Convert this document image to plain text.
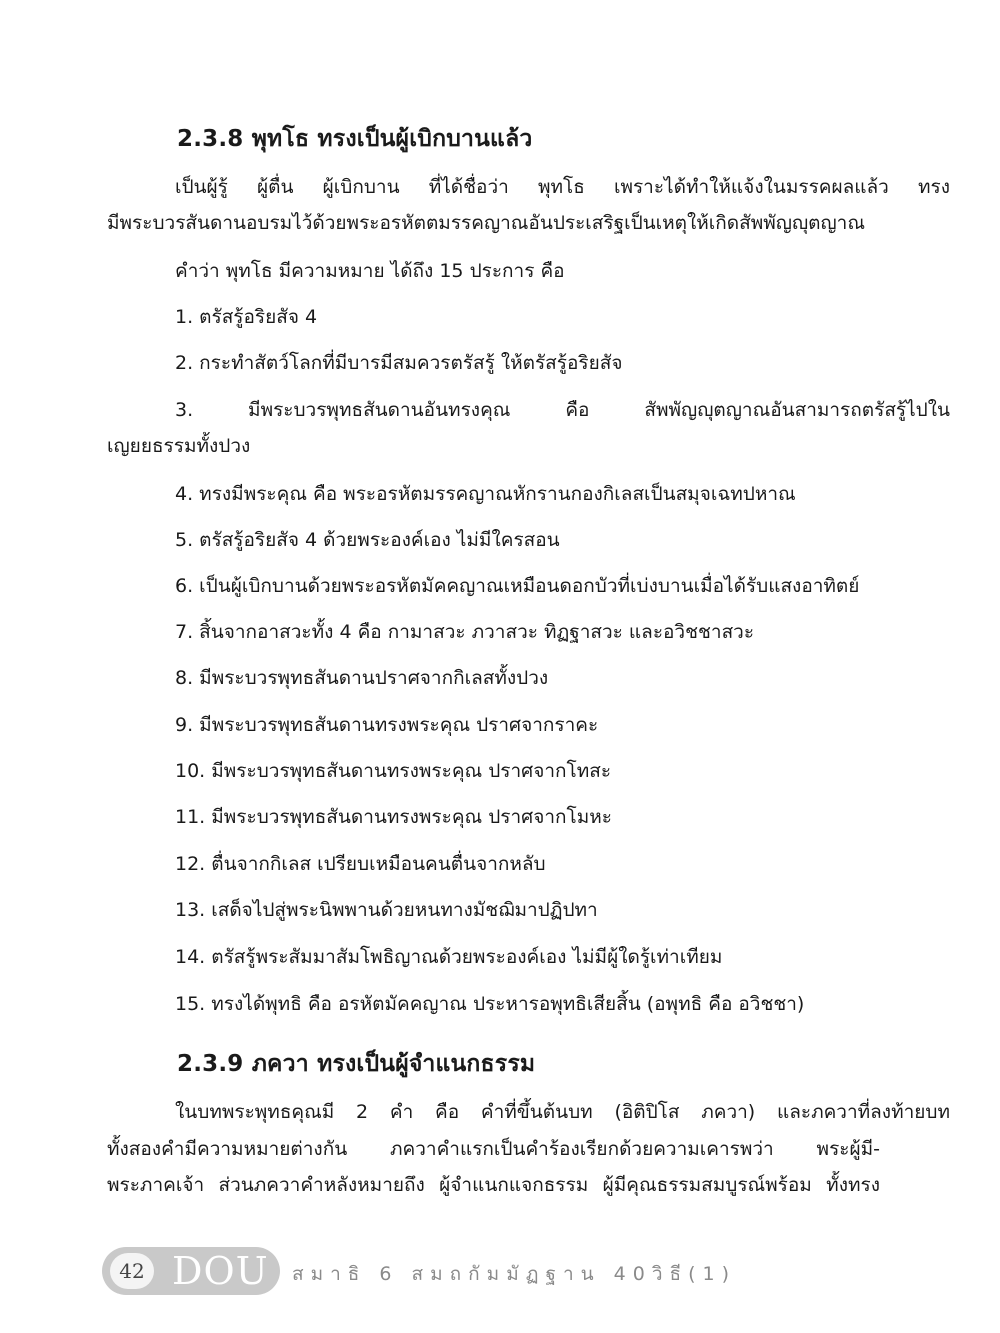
2.3.8 พุทโธ ทรงเป็นผู้เบิกบานแล้ว
เป็นผู้รู้ ผู้ตื่น ผู้เบิกบาน ที่ได้ชื่อว่า พุทโธ เพราะได้ทำให้แจ้งในมรรคผลแล้ว ทรง
มีพระบวรสันดานอบรมไว้ด้วยพระอรหัตตมรรคญาณอันประเสริฐเป็นเหตุให้เกิดสัพพัญญุตญาณ
คำว่า พุทโธ มีความหมาย ได้ถึง 15 ประการ คือ
1. ตรัสรู้อริยสัจ 4
2. กระทำสัตว์โลกที่มีบารมีสมควรตรัสรู้ ให้ตรัสรู้อริยสัจ
3. มีพระบวรพุทธสันดานอันทรงคุณ คือ สัพพัญญุตญาณอันสามารถตรัสรู้ไปใน
เญยยธรรมทั้งปวง
4. ทรงมีพระคุณ คือ พระอรหัตมรรคญาณหักรานกองกิเลสเป็นสมุจเฉทปหาณ
5. ตรัสรู้อริยสัจ 4 ด้วยพระองค์เอง ไม่มีใครสอน
6. เป็นผู้เบิกบานด้วยพระอรหัตมัคคญาณเหมือนดอกบัวที่เบ่งบานเมื่อได้รับแสงอาทิตย์
7. สิ้นจากอาสวะทั้ง 4 คือ กามาสวะ ภวาสวะ ทิฏฐาสวะ และอวิชชาสวะ
8. มีพระบวรพุทธสันดานปราศจากกิเลสทั้งปวง
9. มีพระบวรพุทธสันดานทรงพระคุณ ปราศจากราคะ
10. มีพระบวรพุทธสันดานทรงพระคุณ ปราศจากโทสะ
11. มีพระบวรพุทธสันดานทรงพระคุณ ปราศจากโมหะ
12. ตื่นจากกิเลส เปรียบเหมือนคนตื่นจากหลับ
13. เสด็จไปสู่พระนิพพานด้วยหนทางมัชฌิมาปฏิปทา
14. ตรัสรู้พระสัมมาสัมโพธิญาณด้วยพระองค์เอง ไม่มีผู้ใดรู้เท่าเทียม
15. ทรงได้พุทธิ คือ อรหัตมัคคญาณ ประหารอพุทธิเสียสิ้น (อพุทธิ คือ อวิชชา)
2.3.9 ภควา ทรงเป็นผู้จำแนกธรรม
ในบทพระพุทธคุณมี 2 คำ คือ คำที่ขึ้นต้นบท (อิติปิโส ภควา) และภควาที่ลงท้ายบท
ทั้งสองคำมีความหมายต่างกัน ภควาคำแรกเป็นคำร้องเรียกด้วยความเคารพว่า พระผู้มี-
พระภาคเจ้า ส่วนภควาคำหลังหมายถึง ผู้จำแนกแจกธรรม ผู้มีคุณธรรมสมบูรณ์พร้อม ทั้งทรง
42 DOU สมาธิ 6 สมถกัมมัฏฐาน 40วิธี(1)
